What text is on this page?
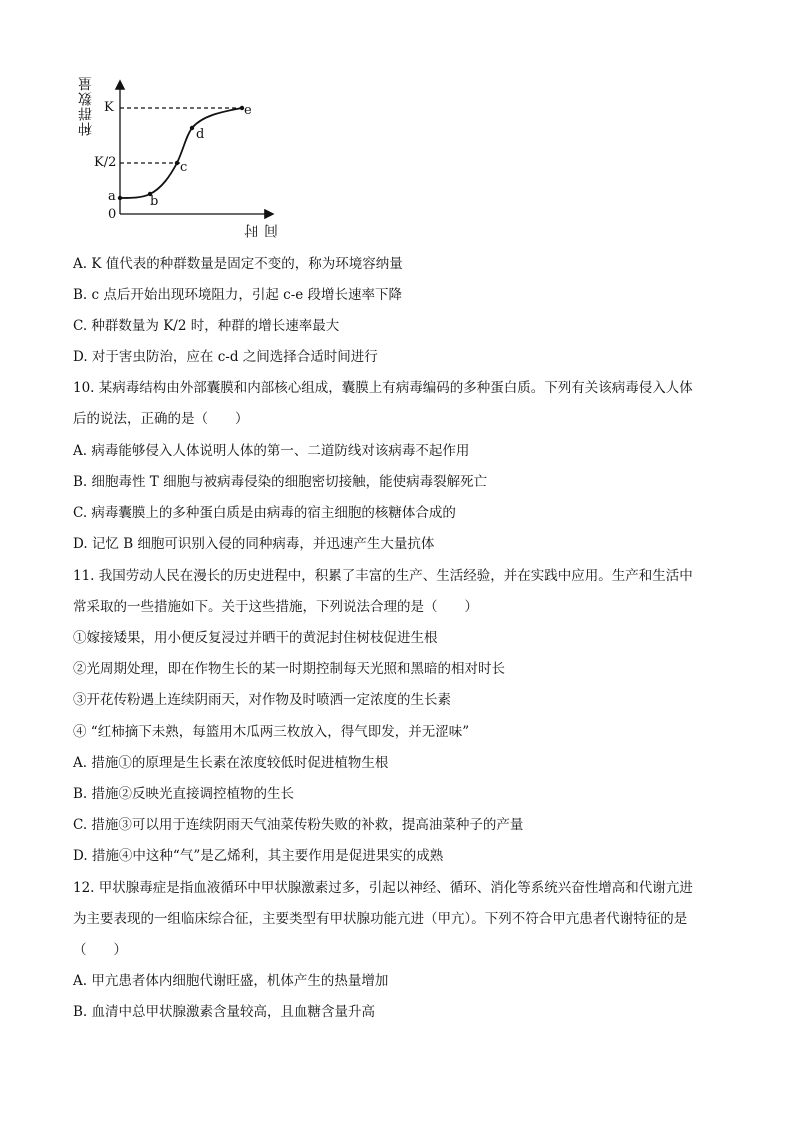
种群数量 K
K/2
0
a	b
c
d
e
时间
A. K 值代表的种群数量是固定不变的，称为环境容纳量
B. c 点后开始出现环境阻力，引起 c-e 段增长速率下降
C. 种群数量为 K/2 时，种群的增长速率最大
D. 对于害虫防治，应在 c-d 之间选择合适时间进行
10. 某病毒结构由外部囊膜和内部核心组成，囊膜上有病毒编码的多种蛋白质。下列有关该病毒侵入人体
后的说法，正确的是（　　）
A. 病毒能够侵入人体说明人体的第一、二道防线对该病毒不起作用
B. 细胞毒性 T 细胞与被病毒侵染的细胞密切接触，能使病毒裂解死亡
C. 病毒囊膜上的多种蛋白质是由病毒的宿主细胞的核糖体合成的
D. 记忆 B 细胞可识别入侵的同种病毒，并迅速产生大量抗体
11. 我国劳动人民在漫长的历史进程中，积累了丰富的生产、生活经验，并在实践中应用。生产和生活中
常采取的一些措施如下。关于这些措施，下列说法合理的是（　　）
①嫁接矮果，用小便反复浸过并晒干的黄泥封住树枝促进生根
②光周期处理，即在作物生长的某一时期控制每天光照和黑暗的相对时长
③开花传粉遇上连续阴雨天，对作物及时喷洒一定浓度的生长素
④ “红柿摘下未熟，每篮用木瓜两三枚放入，得气即发，并无涩味”
A. 措施①的原理是生长素在浓度较低时促进植物生根
B. 措施②反映光直接调控植物的生长
C. 措施③可以用于连续阴雨天气油菜传粉失败的补救，提高油菜种子的产量
D. 措施④中这种“气”是乙烯利，其主要作用是促进果实的成熟
12. 甲状腺毒症是指血液循环中甲状腺激素过多，引起以神经、循环、消化等系统兴奋性增高和代谢亢进
为主要表现的一组临床综合征，主要类型有甲状腺功能亢进（甲亢）。下列不符合甲亢患者代谢特征的是
（　　）
A. 甲亢患者体内细胞代谢旺盛，机体产生的热量增加
B. 血清中总甲状腺激素含量较高，且血糖含量升高
